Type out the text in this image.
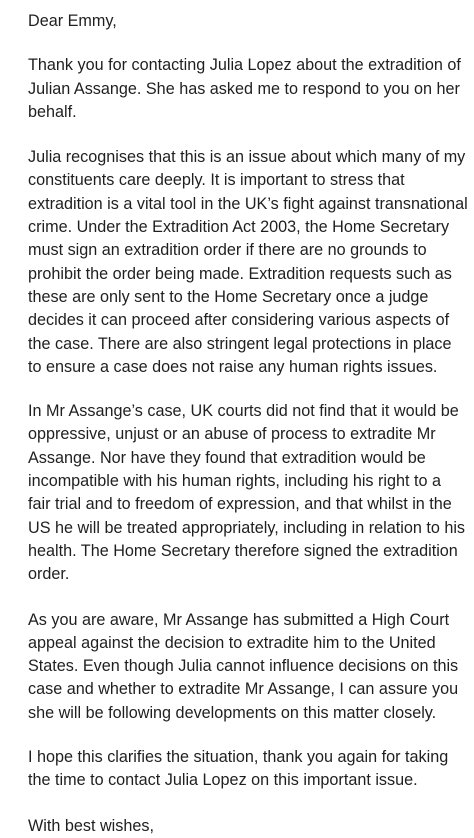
Dear Emmy,

Thank you for contacting Julia Lopez about the extradition of
Julian Assange. She has asked me to respond to you on her
behalf.

Julia recognises that this is an issue about which many of my
constituents care deeply. It is important to stress that
extradition is a vital tool in the UK’s fight against transnational
crime. Under the Extradition Act 2003, the Home Secretary
must sign an extradition order if there are no grounds to
prohibit the order being made. Extradition requests such as
these are only sent to the Home Secretary once a judge
decides it can proceed after considering various aspects of
the case. There are also stringent legal protections in place
to ensure a case does not raise any human rights issues.

In Mr Assange’s case, UK courts did not find that it would be
oppressive, unjust or an abuse of process to extradite Mr
Assange. Nor have they found that extradition would be
incompatible with his human rights, including his right to a
fair trial and to freedom of expression, and that whilst in the
US he will be treated appropriately, including in relation to his
health. The Home Secretary therefore signed the extradition
order.

As you are aware, Mr Assange has submitted a High Court
appeal against the decision to extradite him to the United
States. Even though Julia cannot influence decisions on this
case and whether to extradite Mr Assange, I can assure you
she will be following developments on this matter closely.

I hope this clarifies the situation, thank you again for taking
the time to contact Julia Lopez on this important issue.

With best wishes,
